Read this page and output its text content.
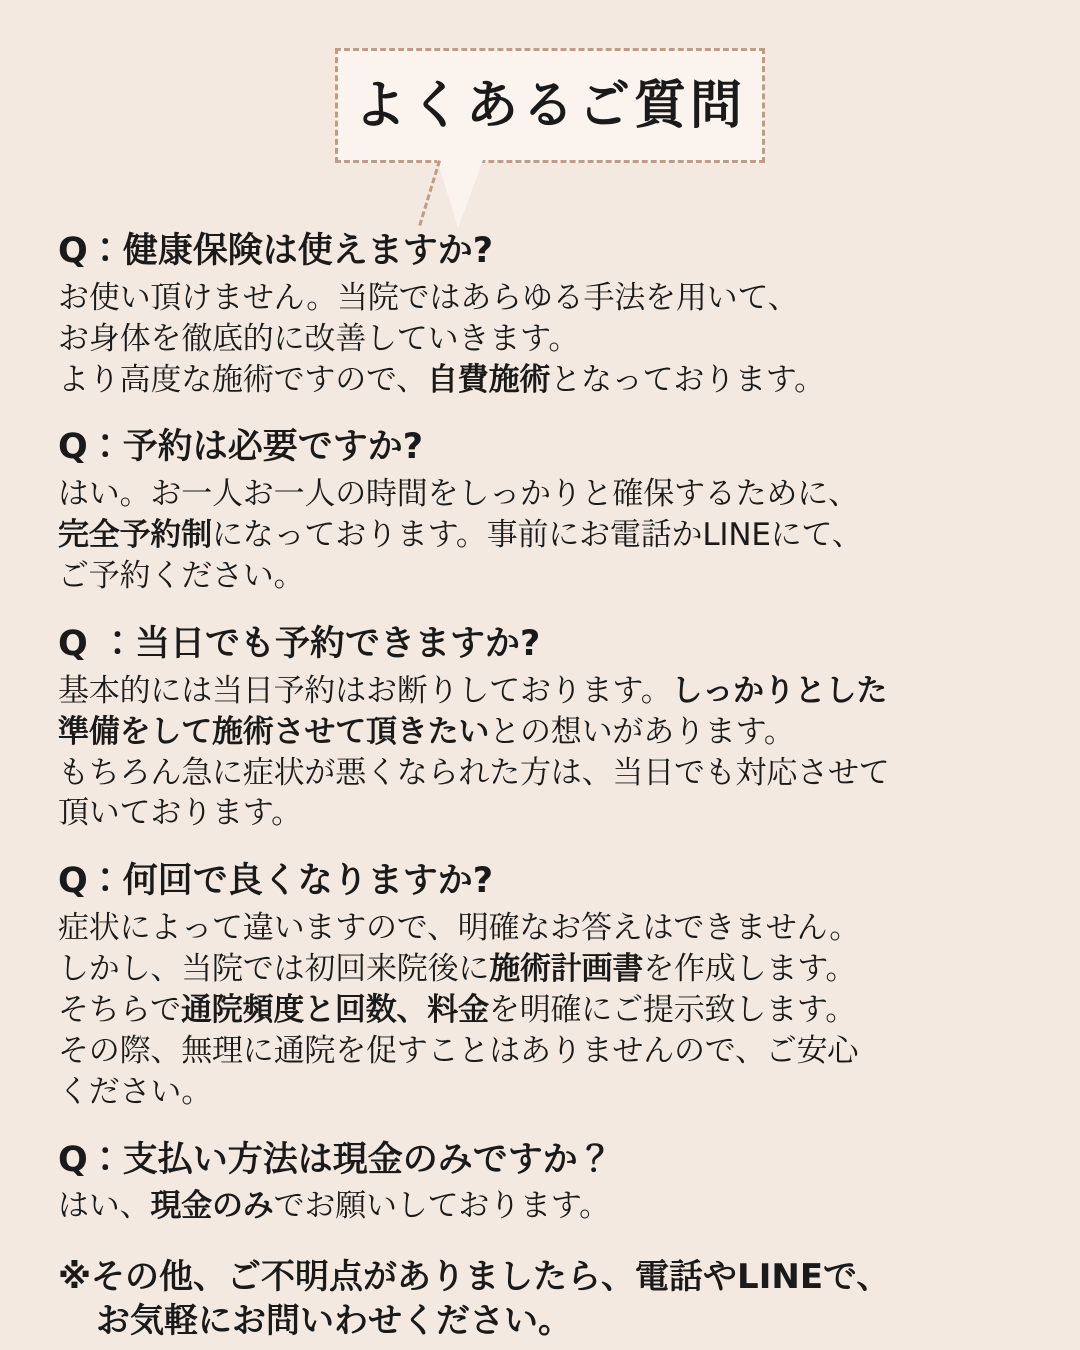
よくあるご質問
Q：健康保険は使えますか?
お使い頂けません。当院ではあらゆる手法を用いて、
お身体を徹底的に改善していきます。
より高度な施術ですので、自費施術となっております。
Q：予約は必要ですか?
はい。お一人お一人の時間をしっかりと確保するために、
完全予約制になっております。事前にお電話かLINEにて、
ご予約ください。
Q ：当日でも予約できますか?
基本的には当日予約はお断りしております。しっかりとした
準備をして施術させて頂きたいとの想いがあります。
もちろん急に症状が悪くなられた方は、当日でも対応させて
頂いております。
Q：何回で良くなりますか?
症状によって違いますので、明確なお答えはできません。
しかし、当院では初回来院後に施術計画書を作成します。
そちらで通院頻度と回数、料金を明確にご提示致します。
その際、無理に通院を促すことはありませんので、ご安心
ください。
Q：支払い方法は現金のみですか？
はい、現金のみでお願いしております。
※その他、ご不明点がありましたら、電話やLINEで、
お気軽にお問いわせください。
